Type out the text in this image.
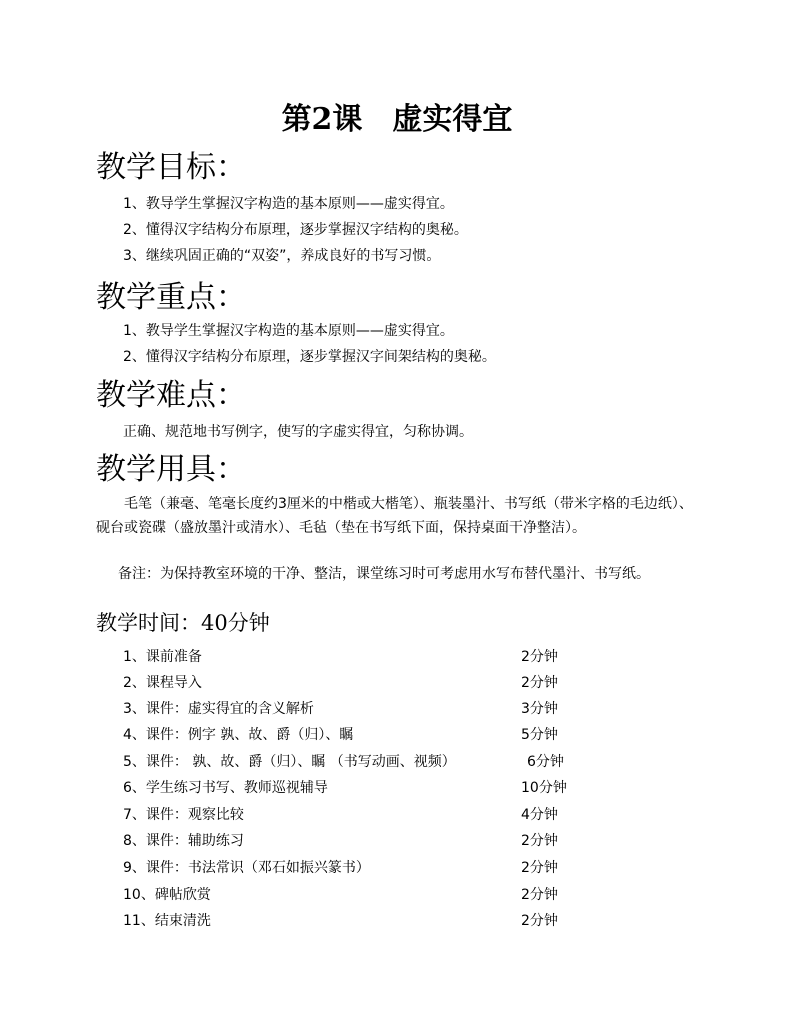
第2课　虚实得宜
教学目标：
1、教导学生掌握汉字构造的基本原则——虚实得宜。
2、懂得汉字结构分布原理，逐步掌握汉字结构的奥秘。
3、继续巩固正确的“双姿”，养成良好的书写习惯。
教学重点：
1、教导学生掌握汉字构造的基本原则——虚实得宜。
2、懂得汉字结构分布原理，逐步掌握汉字间架结构的奥秘。
教学难点：
正确、规范地书写例字，使写的字虚实得宜，匀称协调。
教学用具：
毛笔（兼毫、笔毫长度约3厘米的中楷或大楷笔）、瓶装墨汁、书写纸（带米字格的毛边纸）、砚台或瓷碟（盛放墨汁或清水）、毛毡（垫在书写纸下面，保持桌面干净整洁）。
备注：为保持教室环境的干净、整洁，课堂练习时可考虑用水写布替代墨汁、书写纸。
教学时间：40分钟
1、课前准备	2分钟
2、课程导入	2分钟
3、课件：虚实得宜的含义解析	3分钟
4、课件：例字 孰、故、爵（归）、瞩	5分钟
5、课件： 孰、故、爵（归）、瞩 （书写动画、视频）	6分钟
6、学生练习书写、教师巡视辅导	10分钟
7、课件：观察比较	4分钟
8、课件：辅助练习	2分钟
9、课件：书法常识（邓石如振兴篆书）	2分钟
10、碑帖欣赏	2分钟
11、结束清洗	2分钟
